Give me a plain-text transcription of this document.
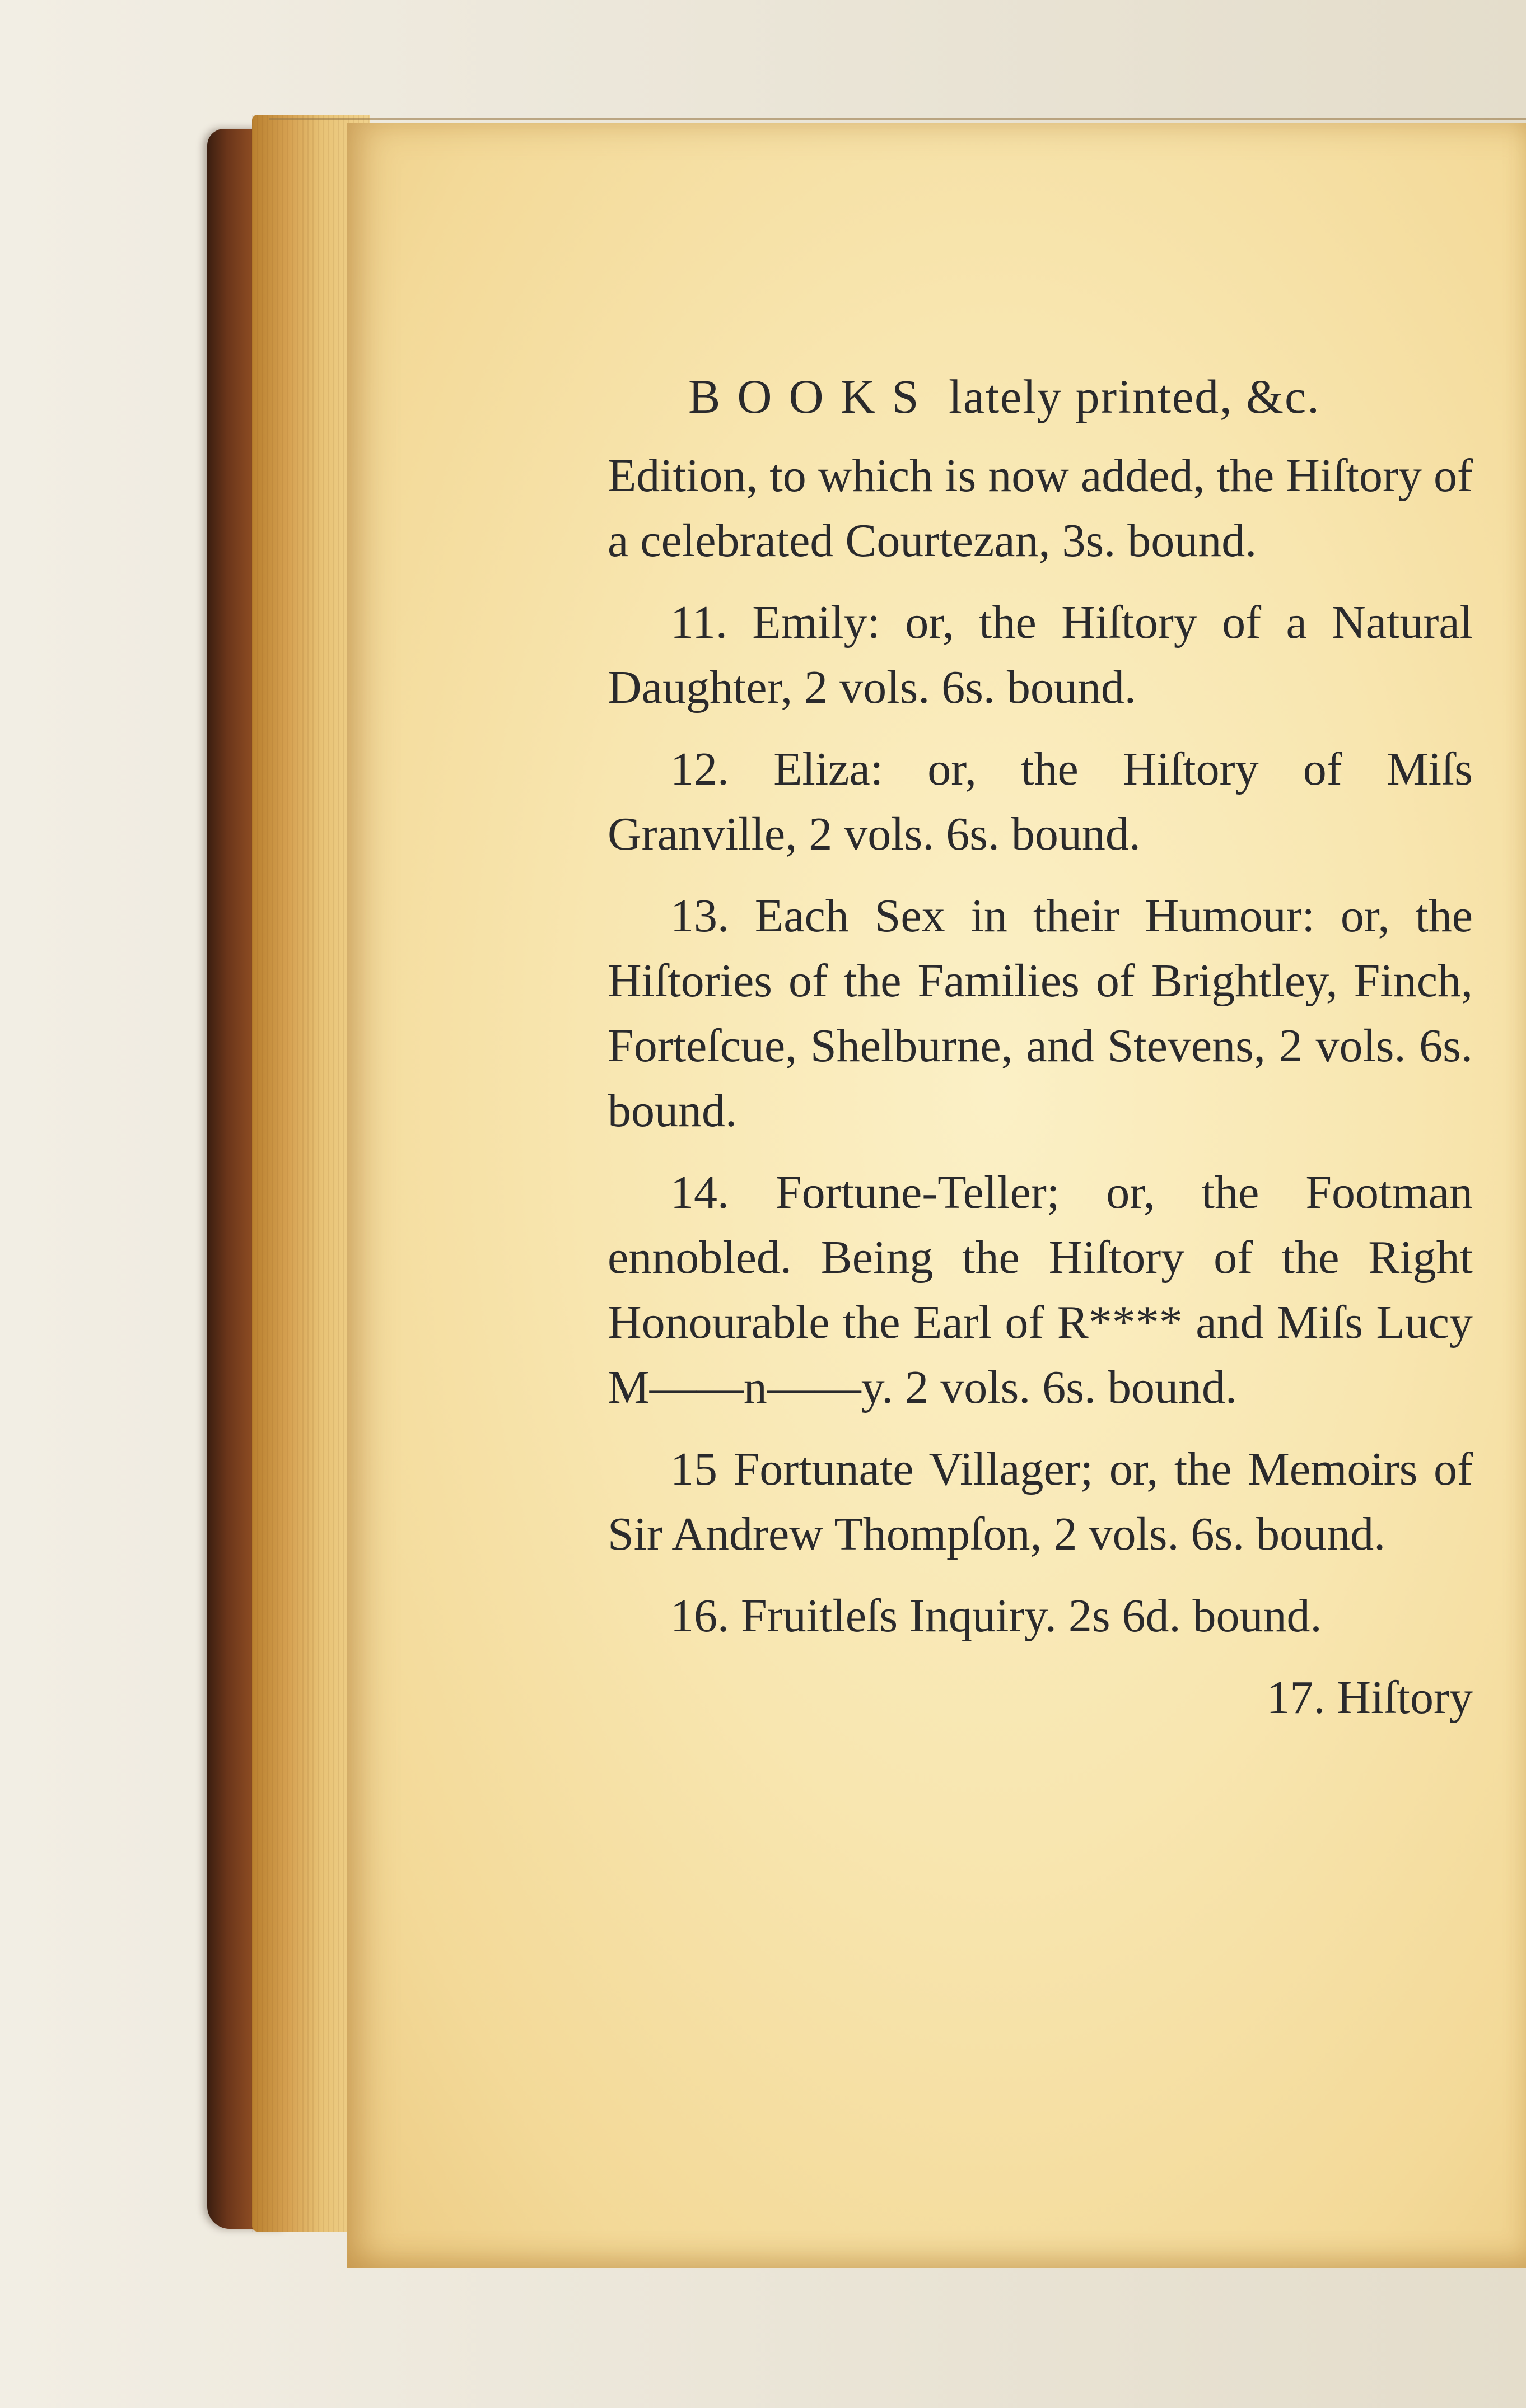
BOOKS lately printed, &c.

Edition, to which is now added, the Hiſtory of a celebrated Courtezan, 3s. bound.

11. Emily: or, the Hiſtory of a Natural Daughter, 2 vols. 6s. bound.

12. Eliza: or, the Hiſtory of Miſs Granville, 2 vols. 6s. bound.

13. Each Sex in their Humour: or, the Hiſtories of the Families of Brightley, Finch, Forteſcue, Shelburne, and Stevens, 2 vols. 6s. bound.

14. Fortune-Teller; or, the Footman ennobled. Being the Hiſtory of the Right Honourable the Earl of R**** and Miſs Lucy M——n——y. 2 vols. 6s. bound.

15 Fortunate Villager; or, the Memoirs of Sir Andrew Thompſon, 2 vols. 6s. bound.

16. Fruitleſs Inquiry. 2s 6d. bound.

17. Hiſtory
